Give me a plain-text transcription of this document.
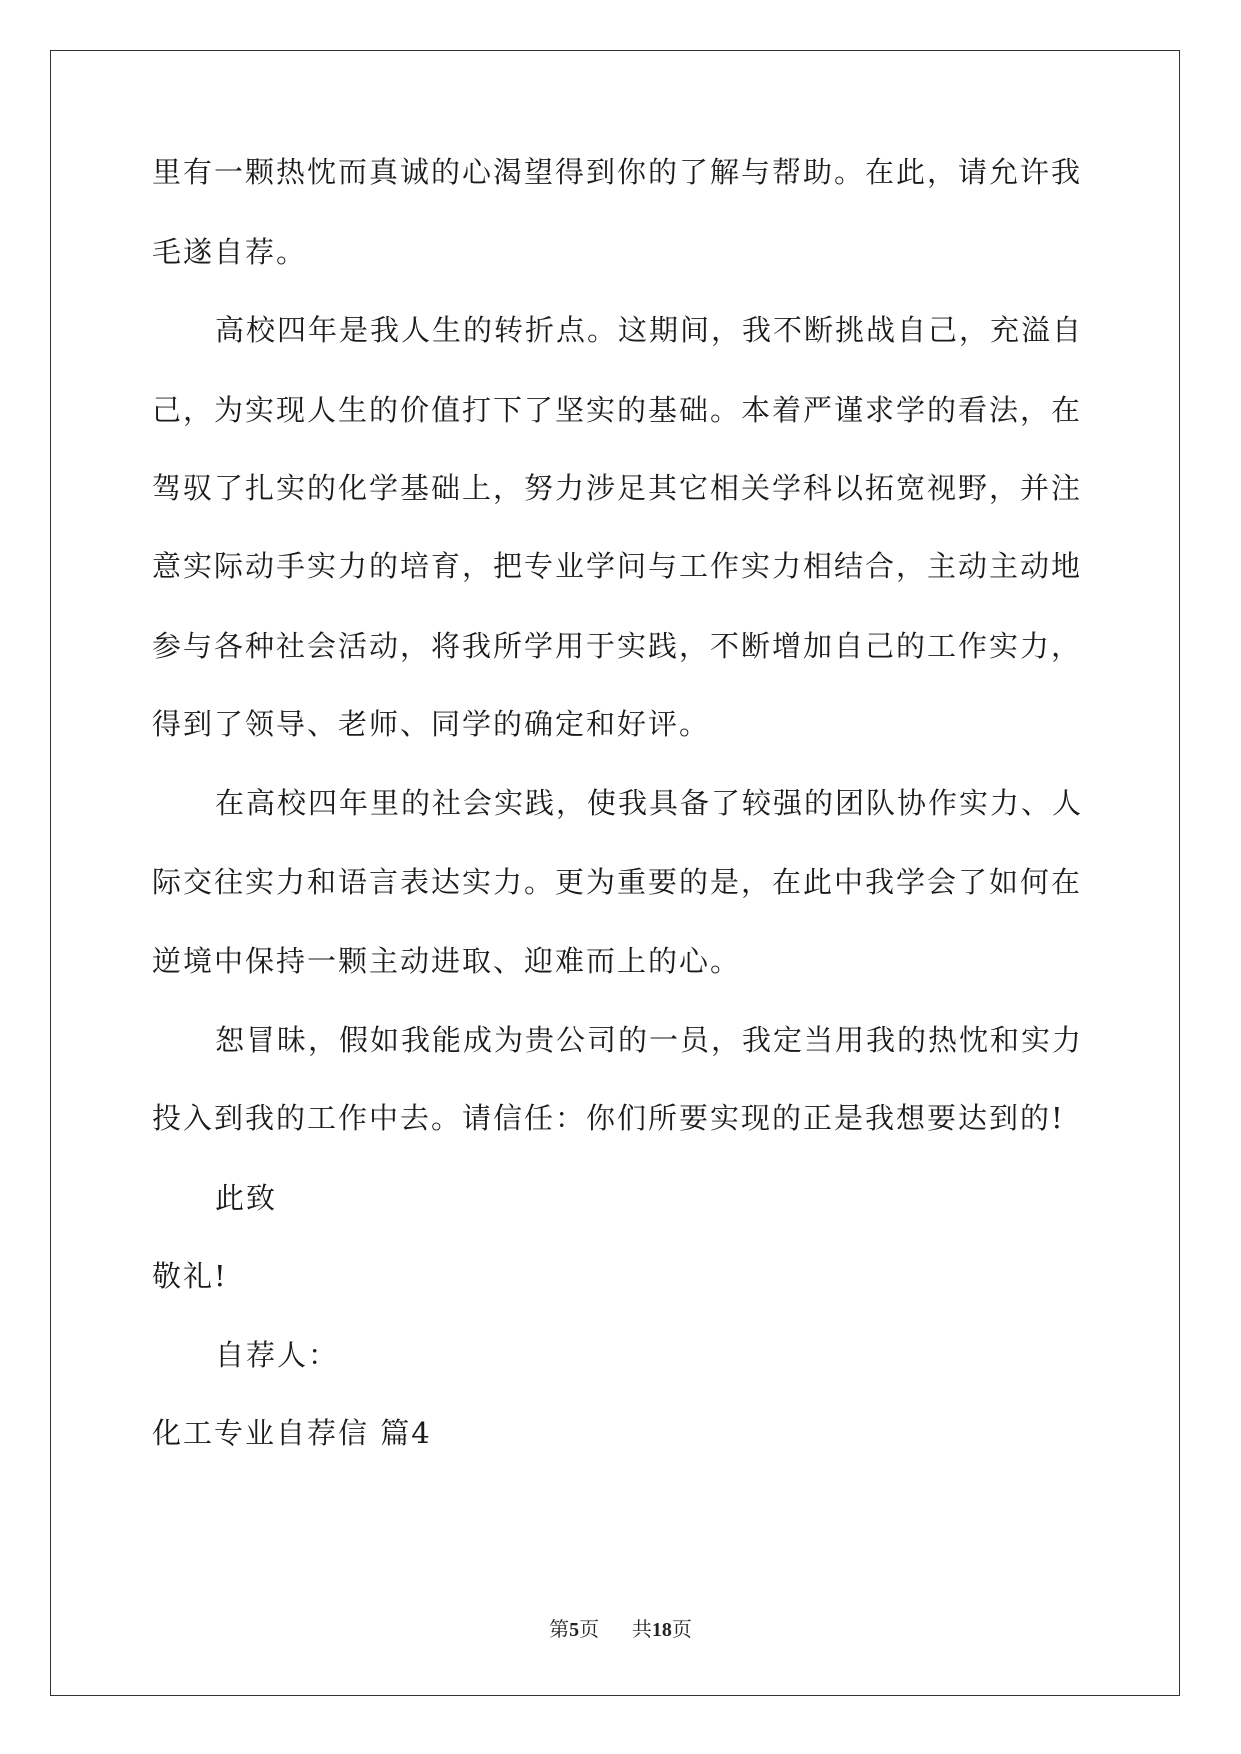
里有一颗热忱而真诚的心渴望得到你的了解与帮助。在此，请允许我
毛遂自荐。
高校四年是我人生的转折点。这期间，我不断挑战自己，充溢自
己，为实现人生的价值打下了坚实的基础。本着严谨求学的看法，在
驾驭了扎实的化学基础上，努力涉足其它相关学科以拓宽视野，并注
意实际动手实力的培育，把专业学问与工作实力相结合，主动主动地
参与各种社会活动，将我所学用于实践，不断增加自己的工作实力，
得到了领导、老师、同学的确定和好评。
在高校四年里的社会实践，使我具备了较强的团队协作实力、人
际交往实力和语言表达实力。更为重要的是，在此中我学会了如何在
逆境中保持一颗主动进取、迎难而上的心。
恕冒昧，假如我能成为贵公司的一员，我定当用我的热忱和实力
投入到我的工作中去。请信任：你们所要实现的正是我想要达到的!
此致
敬礼!
自荐人：
化工专业自荐信 篇4
第5页 共18页
